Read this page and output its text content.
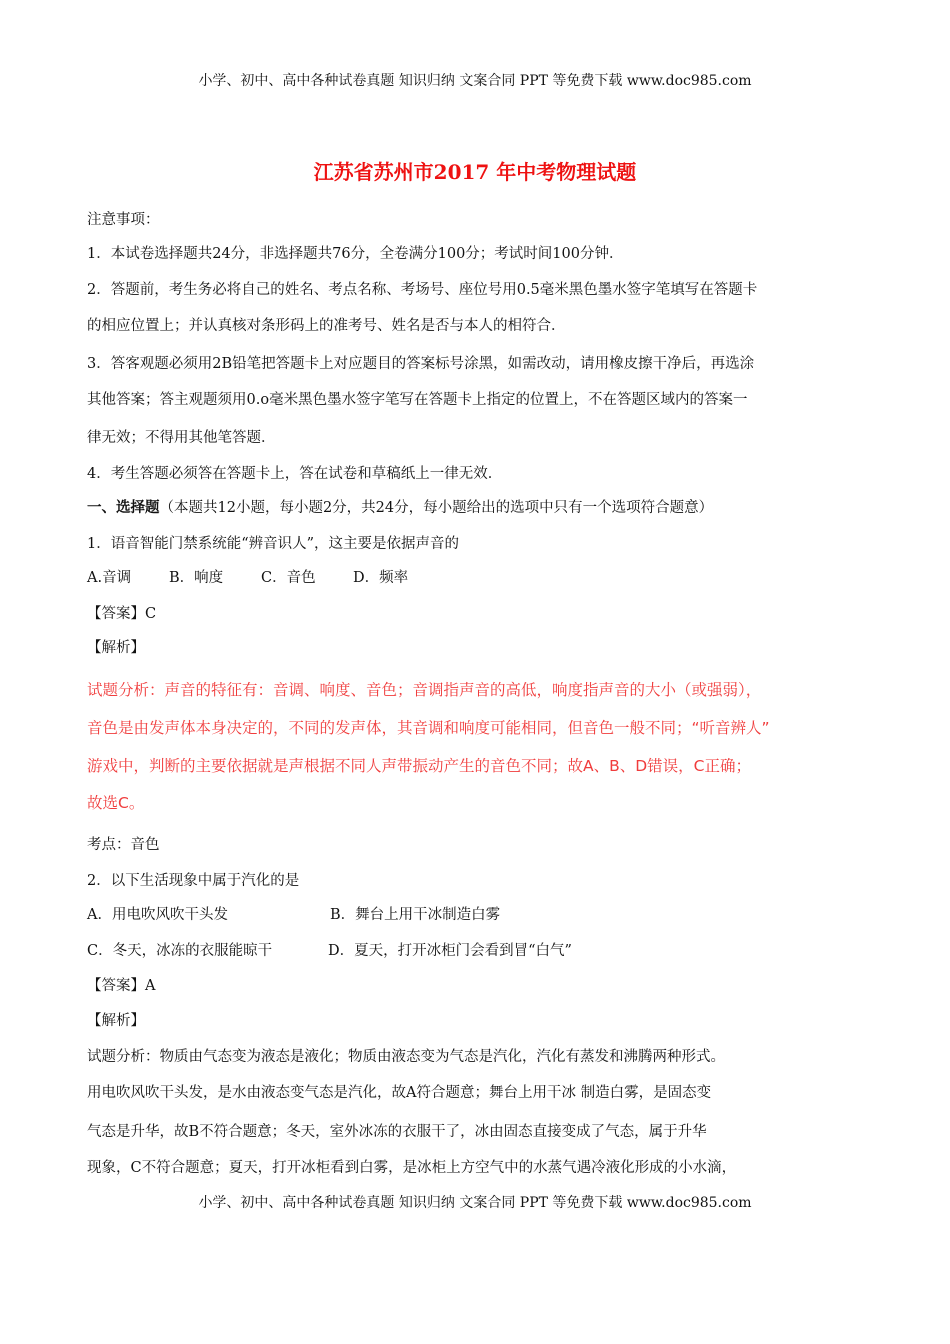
小学、初中、高中各种试卷真题 知识归纳 文案合同 PPT 等免费下载 www.doc985.com
江苏省苏州市2017 年中考物理试题
注意事项：
1．本试卷选择题共24分，非选择题共76分，全卷满分100分；考试时间100分钟．
2．答题前，考生务必将自己的姓名、考点名称、考场号、座位号用0.5毫米黑色墨水签字笔填写在答题卡
的相应位置上；并认真核对条形码上的准考号、姓名是否与本人的相符合．
3．答客观题必须用2B铅笔把答题卡上对应题目的答案标号涂黑，如需改动，请用橡皮擦干净后，再选涂
其他答案；答主观题须用0.o毫米黑色墨水签字笔写在答题卡上指定的位置上，不在答题区域内的答案一
律无效；不得用其他笔答题．
4．考生答题必须答在答题卡上，答在试卷和草稿纸上一律无效．
一、选择题（本题共12小题，每小题2分，共24分，每小题给出的选项中只有一个选项符合题意）
1．语音智能门禁系统能“辨音识人”，这主要是依据声音的
A.音调	B．响度	C．音色	D．频率
【答案】C
【解析】
试题分析：声音的特征有：音调、响度、音色；音调指声音的高低，响度指声音的大小（或强弱），
音色是由发声体本身决定的，不同的发声体，其音调和响度可能相同，但音色一般不同；“听音辨人”
游戏中，判断的主要依据就是声根据不同人声带振动产生的音色不同；故A、B、D错误，C正确；
故选C。
考点：音色
2．以下生活现象中属于汽化的是
A．用电吹风吹干头发	B．舞台上用干冰制造白雾
C．冬天，冰冻的衣服能晾干	D．夏天，打开冰柜门会看到冒“白气”
【答案】A
【解析】
试题分析：物质由气态变为液态是液化；物质由液态变为气态是汽化，汽化有蒸发和沸腾两种形式。
用电吹风吹干头发，是水由液态变气态是汽化，故A符合题意；舞台上用干冰 制造白雾，是固态变
气态是升华，故B不符合题意；冬天，室外冰冻的衣服干了，冰由固态直接变成了气态，属于升华
现象，C不符合题意；夏天，打开冰柜看到白雾，是冰柜上方空气中的水蒸气遇冷液化形成的小水滴，
小学、初中、高中各种试卷真题 知识归纳 文案合同 PPT 等免费下载 www.doc985.com
